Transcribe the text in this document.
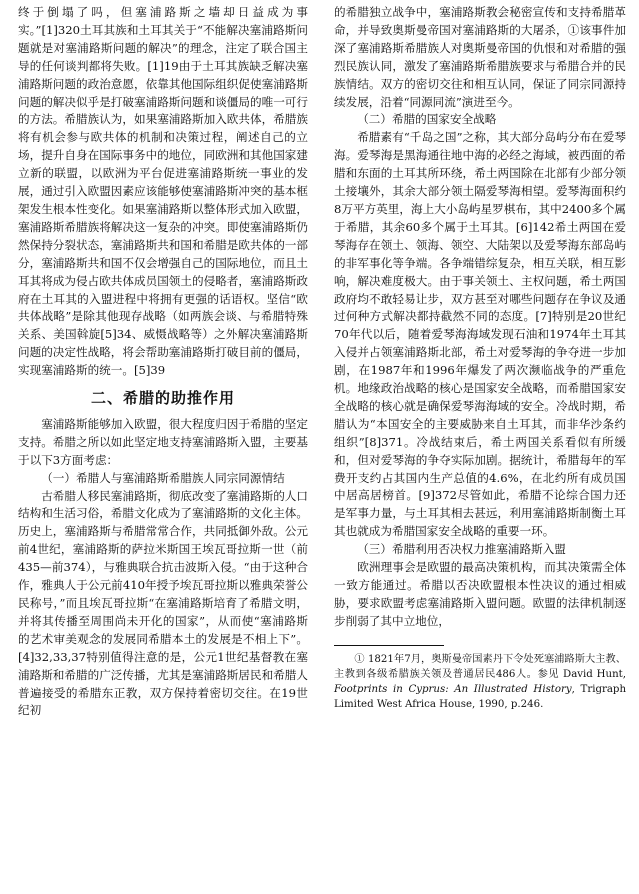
终于倒塌了吗，但塞浦路斯之墙却日益成为事实。”[1]320土耳其族和土耳其关于“不能解决塞浦路斯问题就是对塞浦路斯问题的解决”的理念，注定了联合国主导的任何谈判都将失败。[1]19由于土耳其族缺乏解决塞浦路斯问题的政治意愿，依靠其他国际组织促使塞浦路斯问题的解决似乎是打破塞浦路斯问题和谈僵局的唯一可行的方法。希腊族认为，如果塞浦路斯加入欧共体，希腊族将有机会参与欧共体的机制和决策过程，阐述自己的立场，提升自身在国际事务中的地位，同欧洲和其他国家建立新的联盟，以欧洲为平台促进塞浦路斯统一事业的发展，通过引入欧盟因素应该能够使塞浦路斯冲突的基本框架发生根本性变化。如果塞浦路斯以整体形式加入欧盟，塞浦路斯希腊族将解决这一复杂的冲突。即使塞浦路斯仍然保持分裂状态，塞浦路斯共和国和希腊是欧共体的一部分，塞浦路斯共和国不仅会增强自己的国际地位，而且土耳其将成为侵占欧共体成员国领土的侵略者，塞浦路斯政府在土耳其的入盟进程中将拥有更强的话语权。坚信“欧共体战略”是除其他现存战略（如两族会谈、与希腊特殊关系、美国斡旋[5]34、威慑战略等）之外解决塞浦路斯问题的决定性战略，将会帮助塞浦路斯打破目前的僵局，实现塞浦路斯的统一。[5]39

二、希腊的助推作用

塞浦路斯能够加入欧盟，很大程度归因于希腊的坚定支持。希腊之所以如此坚定地支持塞浦路斯入盟，主要基于以下3方面考虑：

（一）希腊人与塞浦路斯希腊族人同宗同源情结

古希腊人移民塞浦路斯，彻底改变了塞浦路斯的人口结构和生活习俗，希腊文化成为了塞浦路斯的文化主体。历史上，塞浦路斯与希腊常常合作，共同抵御外敌。公元前4世纪，塞浦路斯的萨拉米斯国王埃瓦哥拉斯一世（前435—前374），与雅典联合抗击波斯入侵。“由于这种合作，雅典人于公元前410年授予埃瓦哥拉斯以雅典荣誉公民称号，”而且埃瓦哥拉斯“在塞浦路斯培育了希腊文明，并将其传播至周围尚未开化的国家”，从而使“塞浦路斯的艺术审美观念的发展同希腊本土的发展是不相上下”。[4]32,33,37特别值得注意的是，公元1世纪基督教在塞浦路斯和希腊的广泛传播，尤其是塞浦路斯居民和希腊人普遍接受的希腊东正教，双方保持着密切交往。在19世纪初

的希腊独立战争中，塞浦路斯教会秘密宣传和支持希腊革命，并导致奥斯曼帝国对塞浦路斯的大屠杀，①该事件加深了塞浦路斯希腊族人对奥斯曼帝国的仇恨和对希腊的强烈民族认同，激发了塞浦路斯希腊族要求与希腊合并的民族情结。双方的密切交往和相互认同，保证了同宗同源持续发展，沿着“同源同流”演进至今。

（二）希腊的国家安全战略

希腊素有“千岛之国”之称，其大部分岛屿分布在爱琴海。爱琴海是黑海通往地中海的必经之海域，被西面的希腊和东面的土耳其所环绕，希土两国除在北部有少部分领土接壤外，其余大部分领土隔爱琴海相望。爱琴海面积约8万平方英里，海上大小岛屿星罗棋布，其中2400多个属于希腊，其余60多个属于土耳其。[6]142希土两国在爱琴海存在领土、领海、领空、大陆架以及爱琴海东部岛屿的非军事化等争端。各争端错综复杂，相互关联，相互影响，解决难度极大。由于事关领土、主权问题，希土两国政府均不敢轻易让步，双方甚至对哪些问题存在争议及通过何种方式解决都持截然不同的态度。[7]特别是20世纪70年代以后，随着爱琴海海域发现石油和1974年土耳其入侵并占领塞浦路斯北部，希土对爱琴海的争夺进一步加剧，在1987年和1996年爆发了两次濒临战争的严重危机。地缘政治战略的核心是国家安全战略，而希腊国家安全战略的核心就是确保爱琴海海域的安全。冷战时期，希腊认为“本国安全的主要威胁来自土耳其，而非华沙条约组织”[8]371。冷战结束后，希土两国关系看似有所缓和，但对爱琴海的争夺实际加剧。据统计，希腊每年的军费开支约占其国内生产总值的4.6%，在北约所有成员国中居高居榜首。[9]372尽管如此，希腊不论综合国力还是军事力量，与土耳其相去甚远，利用塞浦路斯制衡土耳其也就成为希腊国家安全战略的重要一环。

（三）希腊利用否决权力推塞浦路斯入盟

欧洲理事会是欧盟的最高决策机构，而其决策需全体一致方能通过。希腊以否决欧盟根本性决议的通过相威胁，要求欧盟考虑塞浦路斯入盟问题。欧盟的法律机制逐步削弱了其中立地位，

① 1821年7月，奥斯曼帝国素丹下令处死塞浦路斯大主教、主教到各级希腊族关领及普通居民486人。参见 David Hunt, Footprints in Cyprus: An Illustrated History, Trigraph Limited West Africa House, 1990, p.246.
